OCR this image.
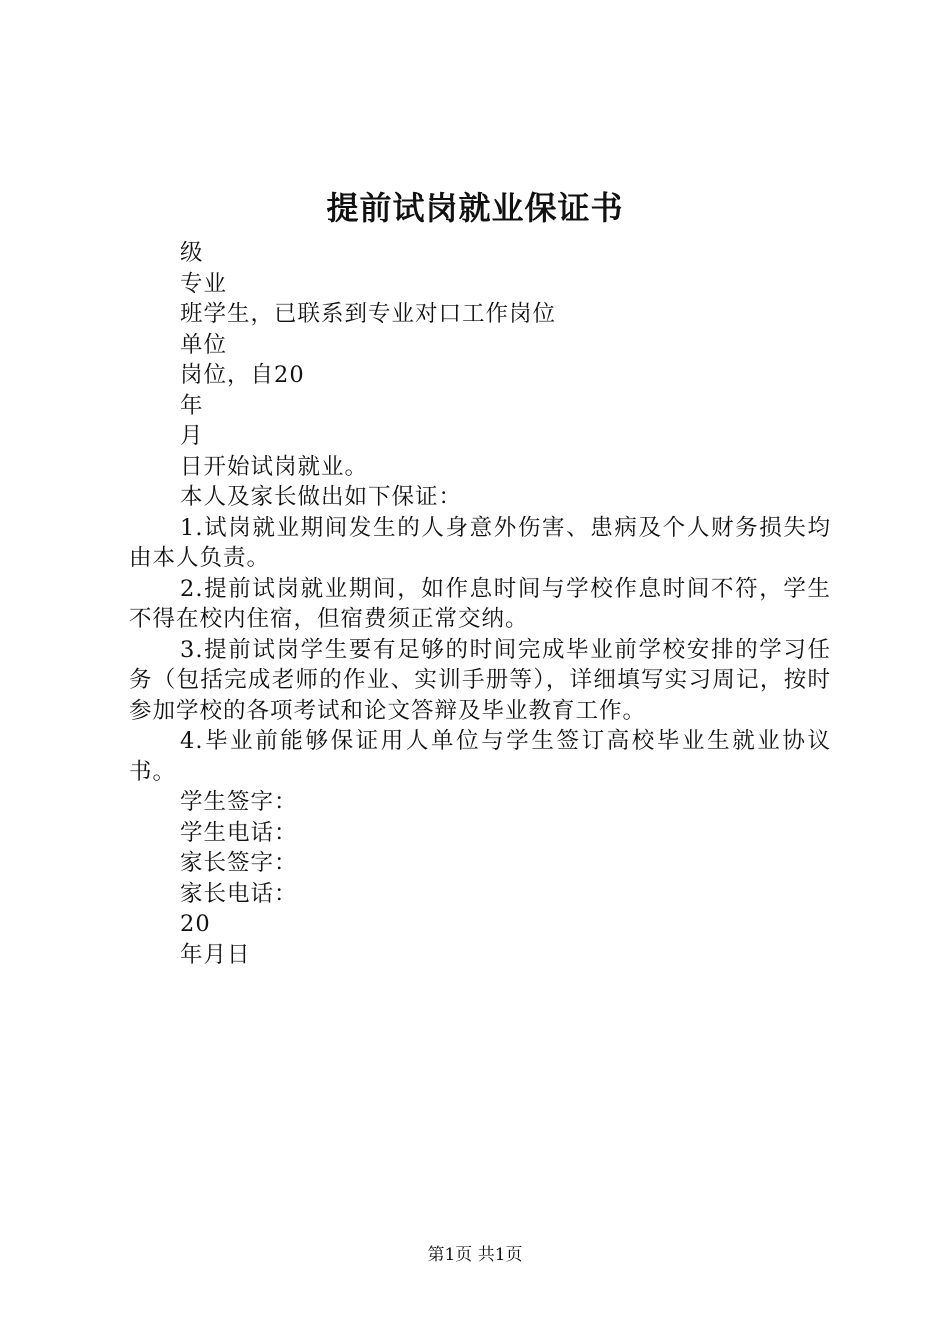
提前试岗就业保证书
级
专业
班学生，已联系到专业对口工作岗位
单位
岗位，自20
年
月
日开始试岗就业。
本人及家长做出如下保证：
1.试岗就业期间发生的人身意外伤害、患病及个人财务损失均由本人负责。
2.提前试岗就业期间，如作息时间与学校作息时间不符，学生不得在校内住宿，但宿费须正常交纳。
3.提前试岗学生要有足够的时间完成毕业前学校安排的学习任务（包括完成老师的作业、实训手册等），详细填写实习周记，按时参加学校的各项考试和论文答辩及毕业教育工作。
4.毕业前能够保证用人单位与学生签订高校毕业生就业协议书。
学生签字：
学生电话：
家长签字：
家长电话：
20
年月日
第1页 共1页
